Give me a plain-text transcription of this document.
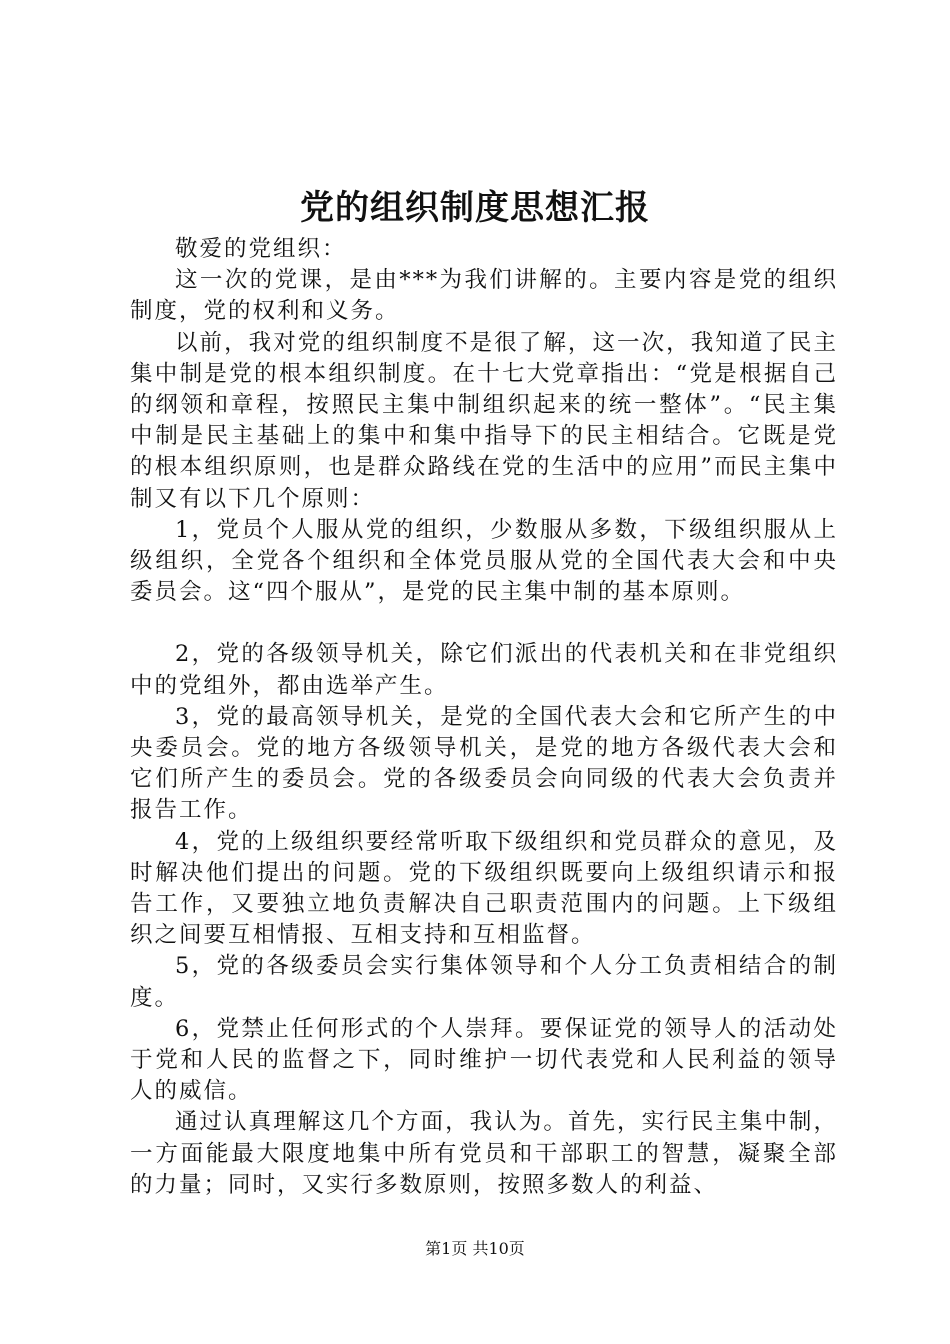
党的组织制度思想汇报

敬爱的党组织：

这一次的党课，是由***为我们讲解的。主要内容是党的组织制度，党的权利和义务。

以前，我对党的组织制度不是很了解，这一次，我知道了民主集中制是党的根本组织制度。在十七大党章指出：“党是根据自己的纲领和章程，按照民主集中制组织起来的统一整体”。“民主集中制是民主基础上的集中和集中指导下的民主相结合。它既是党的根本组织原则，也是群众路线在党的生活中的应用”而民主集中制又有以下几个原则：

1，党员个人服从党的组织，少数服从多数，下级组织服从上级组织，全党各个组织和全体党员服从党的全国代表大会和中央委员会。这“四个服从”，是党的民主集中制的基本原则。

2，党的各级领导机关，除它们派出的代表机关和在非党组织中的党组外，都由选举产生。

3，党的最高领导机关，是党的全国代表大会和它所产生的中央委员会。党的地方各级领导机关，是党的地方各级代表大会和它们所产生的委员会。党的各级委员会向同级的代表大会负责并报告工作。

4，党的上级组织要经常听取下级组织和党员群众的意见，及时解决他们提出的问题。党的下级组织既要向上级组织请示和报告工作，又要独立地负责解决自己职责范围内的问题。上下级组织之间要互相情报、互相支持和互相监督。

5，党的各级委员会实行集体领导和个人分工负责相结合的制度。

6，党禁止任何形式的个人崇拜。要保证党的领导人的活动处于党和人民的监督之下，同时维护一切代表党和人民利益的领导人的威信。

通过认真理解这几个方面，我认为。首先，实行民主集中制，一方面能最大限度地集中所有党员和干部职工的智慧，凝聚全部的力量；同时，又实行多数原则，按照多数人的利益、

第1页 共10页
